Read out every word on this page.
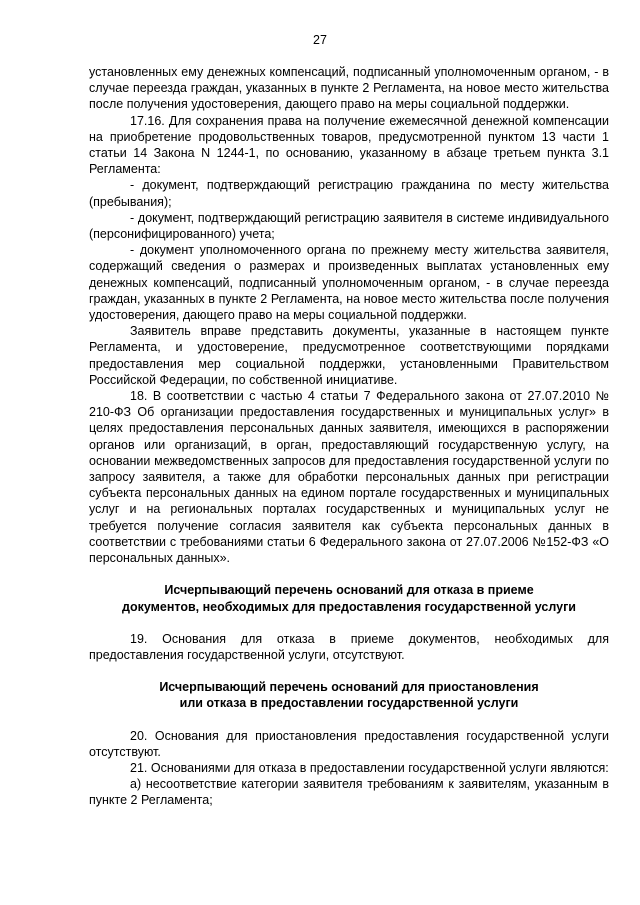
27

установленных ему денежных компенсаций, подписанный уполномоченным органом, - в случае переезда граждан, указанных в пункте 2 Регламента, на новое место жительства после получения удостоверения, дающего право на меры социальной поддержки.

17.16. Для сохранения права на получение ежемесячной денежной компенсации на приобретение продовольственных товаров, предусмотренной пунктом 13 части 1 статьи 14 Закона N 1244-1, по основанию, указанному в абзаце третьем пункта 3.1 Регламента:

- документ, подтверждающий регистрацию гражданина по месту жительства (пребывания);

- документ, подтверждающий регистрацию заявителя в системе индивидуального (персонифицированного) учета;

- документ уполномоченного органа по прежнему месту жительства заявителя, содержащий сведения о размерах и произведенных выплатах установленных ему денежных компенсаций, подписанный уполномоченным органом, - в случае переезда граждан, указанных в пункте 2 Регламента, на новое место жительства после получения удостоверения, дающего право на меры социальной поддержки.

Заявитель вправе представить документы, указанные в настоящем пункте Регламента, и удостоверение, предусмотренное соответствующими порядками предоставления мер социальной поддержки, установленными Правительством Российской Федерации, по собственной инициативе.

18. В соответствии с частью 4 статьи 7 Федерального закона от 27.07.2010 № 210-ФЗ Об организации предоставления государственных и муниципальных услуг» в целях предоставления персональных данных заявителя, имеющихся в распоряжении органов или организаций, в орган, предоставляющий государственную услугу, на основании межведомственных запросов для предоставления государственной услуги по запросу заявителя, а также для обработки персональных данных при регистрации субъекта персональных данных на едином портале государственных и муниципальных услуг и на региональных порталах государственных и муниципальных услуг не требуется получение согласия заявителя как субъекта персональных данных в соответствии с требованиями статьи 6 Федерального закона от 27.07.2006 №152-ФЗ «О персональных данных».

Исчерпывающий перечень оснований для отказа в приеме

документов, необходимых для предоставления государственной услуги

19. Основания для отказа в приеме документов, необходимых для предоставления государственной услуги, отсутствуют.

Исчерпывающий перечень оснований для приостановления

или отказа в предоставлении государственной услуги

20. Основания для приостановления предоставления государственной услуги отсутствуют.

21. Основаниями для отказа в предоставлении государственной услуги являются:

а) несоответствие категории заявителя требованиям к заявителям, указанным в пункте 2 Регламента;
